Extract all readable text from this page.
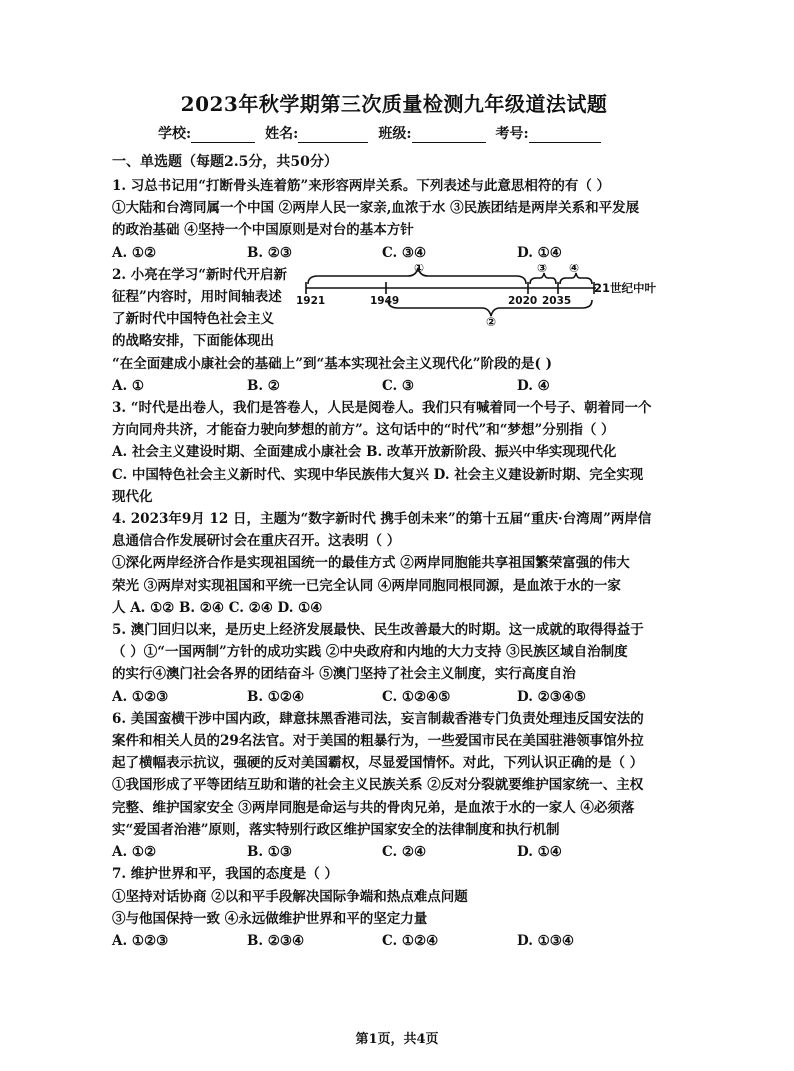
2023年秋学期第三次质量检测九年级道法试题
学校:	姓名:	班级:	考号:
一、单选题（每题2.5分，共50分）
1. 习总书记用“打断骨头连着筋”来形容两岸关系。下列表述与此意思相符的有（ ）
①大陆和台湾同属一个中国 ②两岸人民一家亲,血浓于水 ③民族团结是两岸关系和平发展
的政治基础 ④坚持一个中国原则是对台的基本方针
A. ①②	B. ②③	C. ③④	D. ①④
2. 小亮在学习“新时代开启新
征程”内容时，用时间轴表述
了新时代中国特色社会主义
的战略安排，下面能体现出
①	③ ④
②
1921	1949	2020 2035
21世纪中叶
“在全面建成小康社会的基础上”到“基本实现社会主义现代化”阶段的是( )
A. ①	B. ②	C. ③	D. ④
3. “时代是出卷人，我们是答卷人，人民是阅卷人。我们只有喊着同一个号子、朝着同一个
方向同舟共济，才能奋力驶向梦想的前方”。这句话中的“时代”和“梦想”分别指（ ）
A. 社会主义建设时期、全面建成小康社会 B. 改革开放新阶段、振兴中华实现现代化
C. 中国特色社会主义新时代、实现中华民族伟大复兴 D. 社会主义建设新时期、完全实现
现代化
4. 2023年9月 12 日，主题为“数字新时代 携手创未来”的第十五届“重庆·台湾周”两岸信
息通信合作发展研讨会在重庆召开。这表明（ ）
①深化两岸经济合作是实现祖国统一的最佳方式 ②两岸同胞能共享祖国繁荣富强的伟大
荣光 ③两岸对实现祖国和平统一已完全认同 ④两岸同胞同根同源，是血浓于水的一家
人 A. ①② B. ②④ C. ②④ D. ①④
5. 澳门回归以来，是历史上经济发展最快、民生改善最大的时期。这一成就的取得得益于
（ ）①“一国两制”方针的成功实践 ②中央政府和内地的大力支持 ③民族区域自治制度
的实行④澳门社会各界的团结奋斗 ⑤澳门坚持了社会主义制度，实行高度自治
A. ①②③	B. ①②④	C. ①②④⑤	D. ②③④⑤
6. 美国蛮横干涉中国内政，肆意抹黑香港司法，妄言制裁香港专门负责处理违反国安法的
案件和相关人员的29名法官。对于美国的粗暴行为，一些爱国市民在美国驻港领事馆外拉
起了横幅表示抗议，强硬的反对美国霸权，尽显爱国情怀。对此，下列认识正确的是（ ）
①我国形成了平等团结互助和谐的社会主义民族关系 ②反对分裂就要维护国家统一、主权
完整、维护国家安全 ③两岸同胞是命运与共的骨肉兄弟，是血浓于水的一家人 ④必须落
实“爱国者治港”原则，落实特别行政区维护国家安全的法律制度和执行机制
A. ①②	B. ①③	C. ②④	D. ①④
7. 维护世界和平，我国的态度是（ ）
①坚持对话协商 ②以和平手段解决国际争端和热点难点问题
③与他国保持一致 ④永远做维护世界和平的坚定力量
A. ①②③	B. ②③④	C. ①②④	D. ①③④
第1页，共4页
